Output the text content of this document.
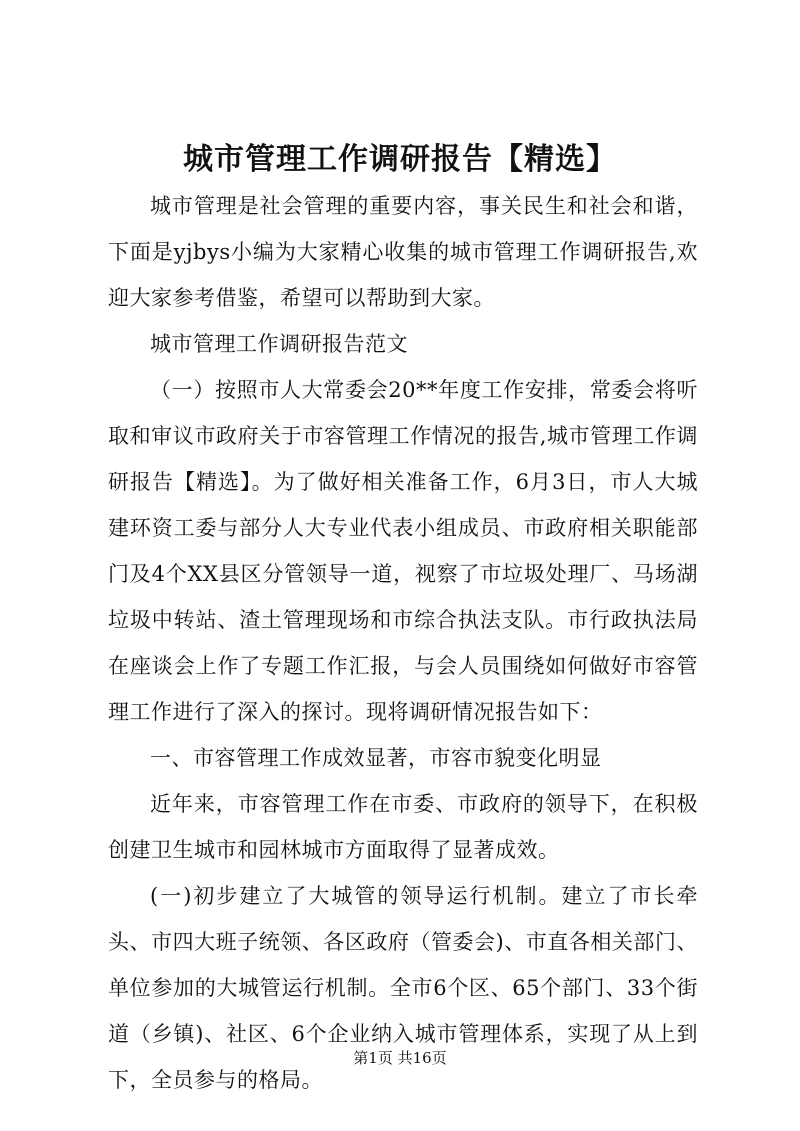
城市管理工作调研报告【精选】

城市管理是社会管理的重要内容，事关民生和社会和谐，下面是yjbys小编为大家精心收集的城市管理工作调研报告,欢迎大家参考借鉴，希望可以帮助到大家。

城市管理工作调研报告范文

（一）按照市人大常委会20**年度工作安排，常委会将听取和审议市政府关于市容管理工作情况的报告,城市管理工作调研报告【精选】。为了做好相关准备工作，6月3日，市人大城建环资工委与部分人大专业代表小组成员、市政府相关职能部门及4个XX县区分管领导一道，视察了市垃圾处理厂、马场湖垃圾中转站、渣土管理现场和市综合执法支队。市行政执法局在座谈会上作了专题工作汇报，与会人员围绕如何做好市容管理工作进行了深入的探讨。现将调研情况报告如下：

一、市容管理工作成效显著，市容市貌变化明显

近年来，市容管理工作在市委、市政府的领导下，在积极创建卫生城市和园林城市方面取得了显著成效。

(一)初步建立了大城管的领导运行机制。建立了市长牵头、市四大班子统领、各区政府（管委会)、市直各相关部门、单位参加的大城管运行机制。全市6个区、65个部门、33个街道（乡镇)、社区、6个企业纳入城市管理体系，实现了从上到下，全员参与的格局。

第1页 共16页
